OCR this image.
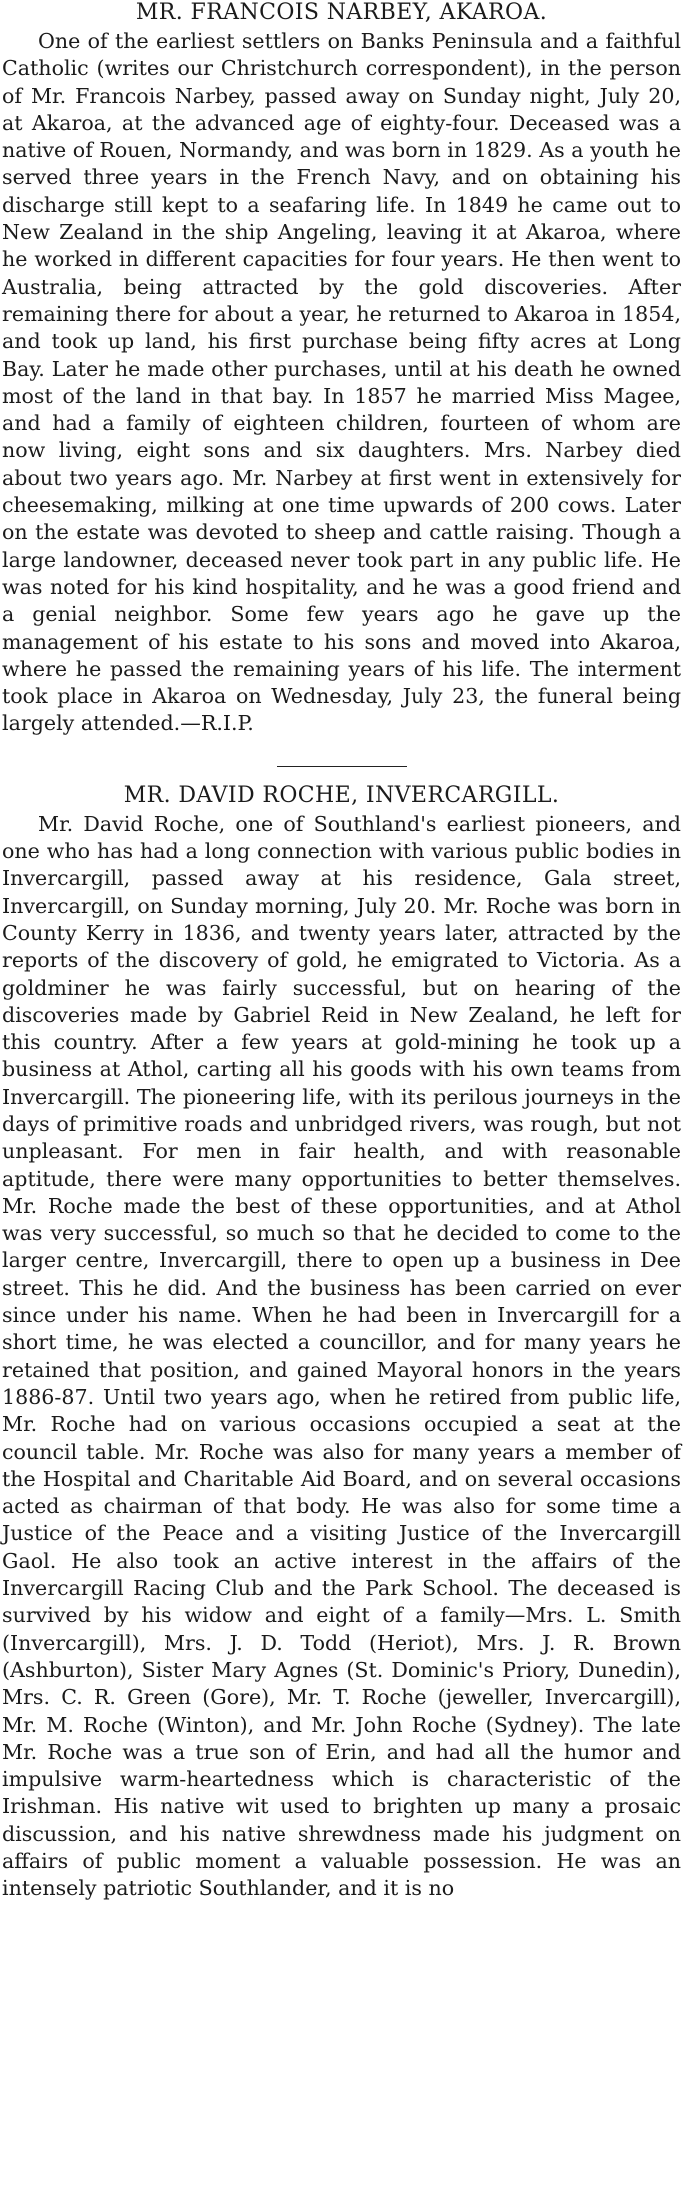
MR. FRANCOIS NARBEY, AKAROA.

One of the earliest settlers on Banks Peninsula and a faithful Catholic (writes our Christchurch correspondent), in the person of Mr. Francois Narbey, passed away on Sunday night, July 20, at Akaroa, at the advanced age of eighty-four. Deceased was a native of Rouen, Normandy, and was born in 1829. As a youth he served three years in the French Navy, and on obtaining his discharge still kept to a seafaring life. In 1849 he came out to New Zealand in the ship Angeling, leaving it at Akaroa, where he worked in different capacities for four years. He then went to Australia, being attracted by the gold discoveries. After remaining there for about a year, he returned to Akaroa in 1854, and took up land, his first purchase being fifty acres at Long Bay. Later he made other purchases, until at his death he owned most of the land in that bay. In 1857 he married Miss Magee, and had a family of eighteen children, fourteen of whom are now living, eight sons and six daughters. Mrs. Narbey died about two years ago. Mr. Narbey at first went in extensively for cheesemaking, milking at one time upwards of 200 cows. Later on the estate was devoted to sheep and cattle raising. Though a large landowner, deceased never took part in any public life. He was noted for his kind hospitality, and he was a good friend and a genial neighbor. Some few years ago he gave up the management of his estate to his sons and moved into Akaroa, where he passed the remaining years of his life. The interment took place in Akaroa on Wednesday, July 23, the funeral being largely attended.—R.I.P.

MR. DAVID ROCHE, INVERCARGILL.

Mr. David Roche, one of Southland's earliest pioneers, and one who has had a long connection with various public bodies in Invercargill, passed away at his residence, Gala street, Invercargill, on Sunday morning, July 20. Mr. Roche was born in County Kerry in 1836, and twenty years later, attracted by the reports of the discovery of gold, he emigrated to Victoria. As a goldminer he was fairly successful, but on hearing of the discoveries made by Gabriel Reid in New Zealand, he left for this country. After a few years at gold-mining he took up a business at Athol, carting all his goods with his own teams from Invercargill. The pioneering life, with its perilous journeys in the days of primitive roads and unbridged rivers, was rough, but not unpleasant. For men in fair health, and with reasonable aptitude, there were many opportunities to better themselves. Mr. Roche made the best of these opportunities, and at Athol was very successful, so much so that he decided to come to the larger centre, Invercargill, there to open up a business in Dee street. This he did. And the business has been carried on ever since under his name. When he had been in Invercargill for a short time, he was elected a councillor, and for many years he retained that position, and gained Mayoral honors in the years 1886-87. Until two years ago, when he retired from public life, Mr. Roche had on various occasions occupied a seat at the council table. Mr. Roche was also for many years a member of the Hospital and Charitable Aid Board, and on several occasions acted as chairman of that body. He was also for some time a Justice of the Peace and a visiting Justice of the Invercargill Gaol. He also took an active interest in the affairs of the Invercargill Racing Club and the Park School. The deceased is survived by his widow and eight of a family—Mrs. L. Smith (Invercargill), Mrs. J. D. Todd (Heriot), Mrs. J. R. Brown (Ashburton), Sister Mary Agnes (St. Dominic's Priory, Dunedin), Mrs. C. R. Green (Gore), Mr. T. Roche (jeweller, Invercargill), Mr. M. Roche (Winton), and Mr. John Roche (Sydney). The late Mr. Roche was a true son of Erin, and had all the humor and impulsive warm-heartedness which is characteristic of the Irishman. His native wit used to brighten up many a prosaic discussion, and his native shrewdness made his judgment on affairs of public moment a valuable possession. He was an intensely patriotic Southlander, and it is no
